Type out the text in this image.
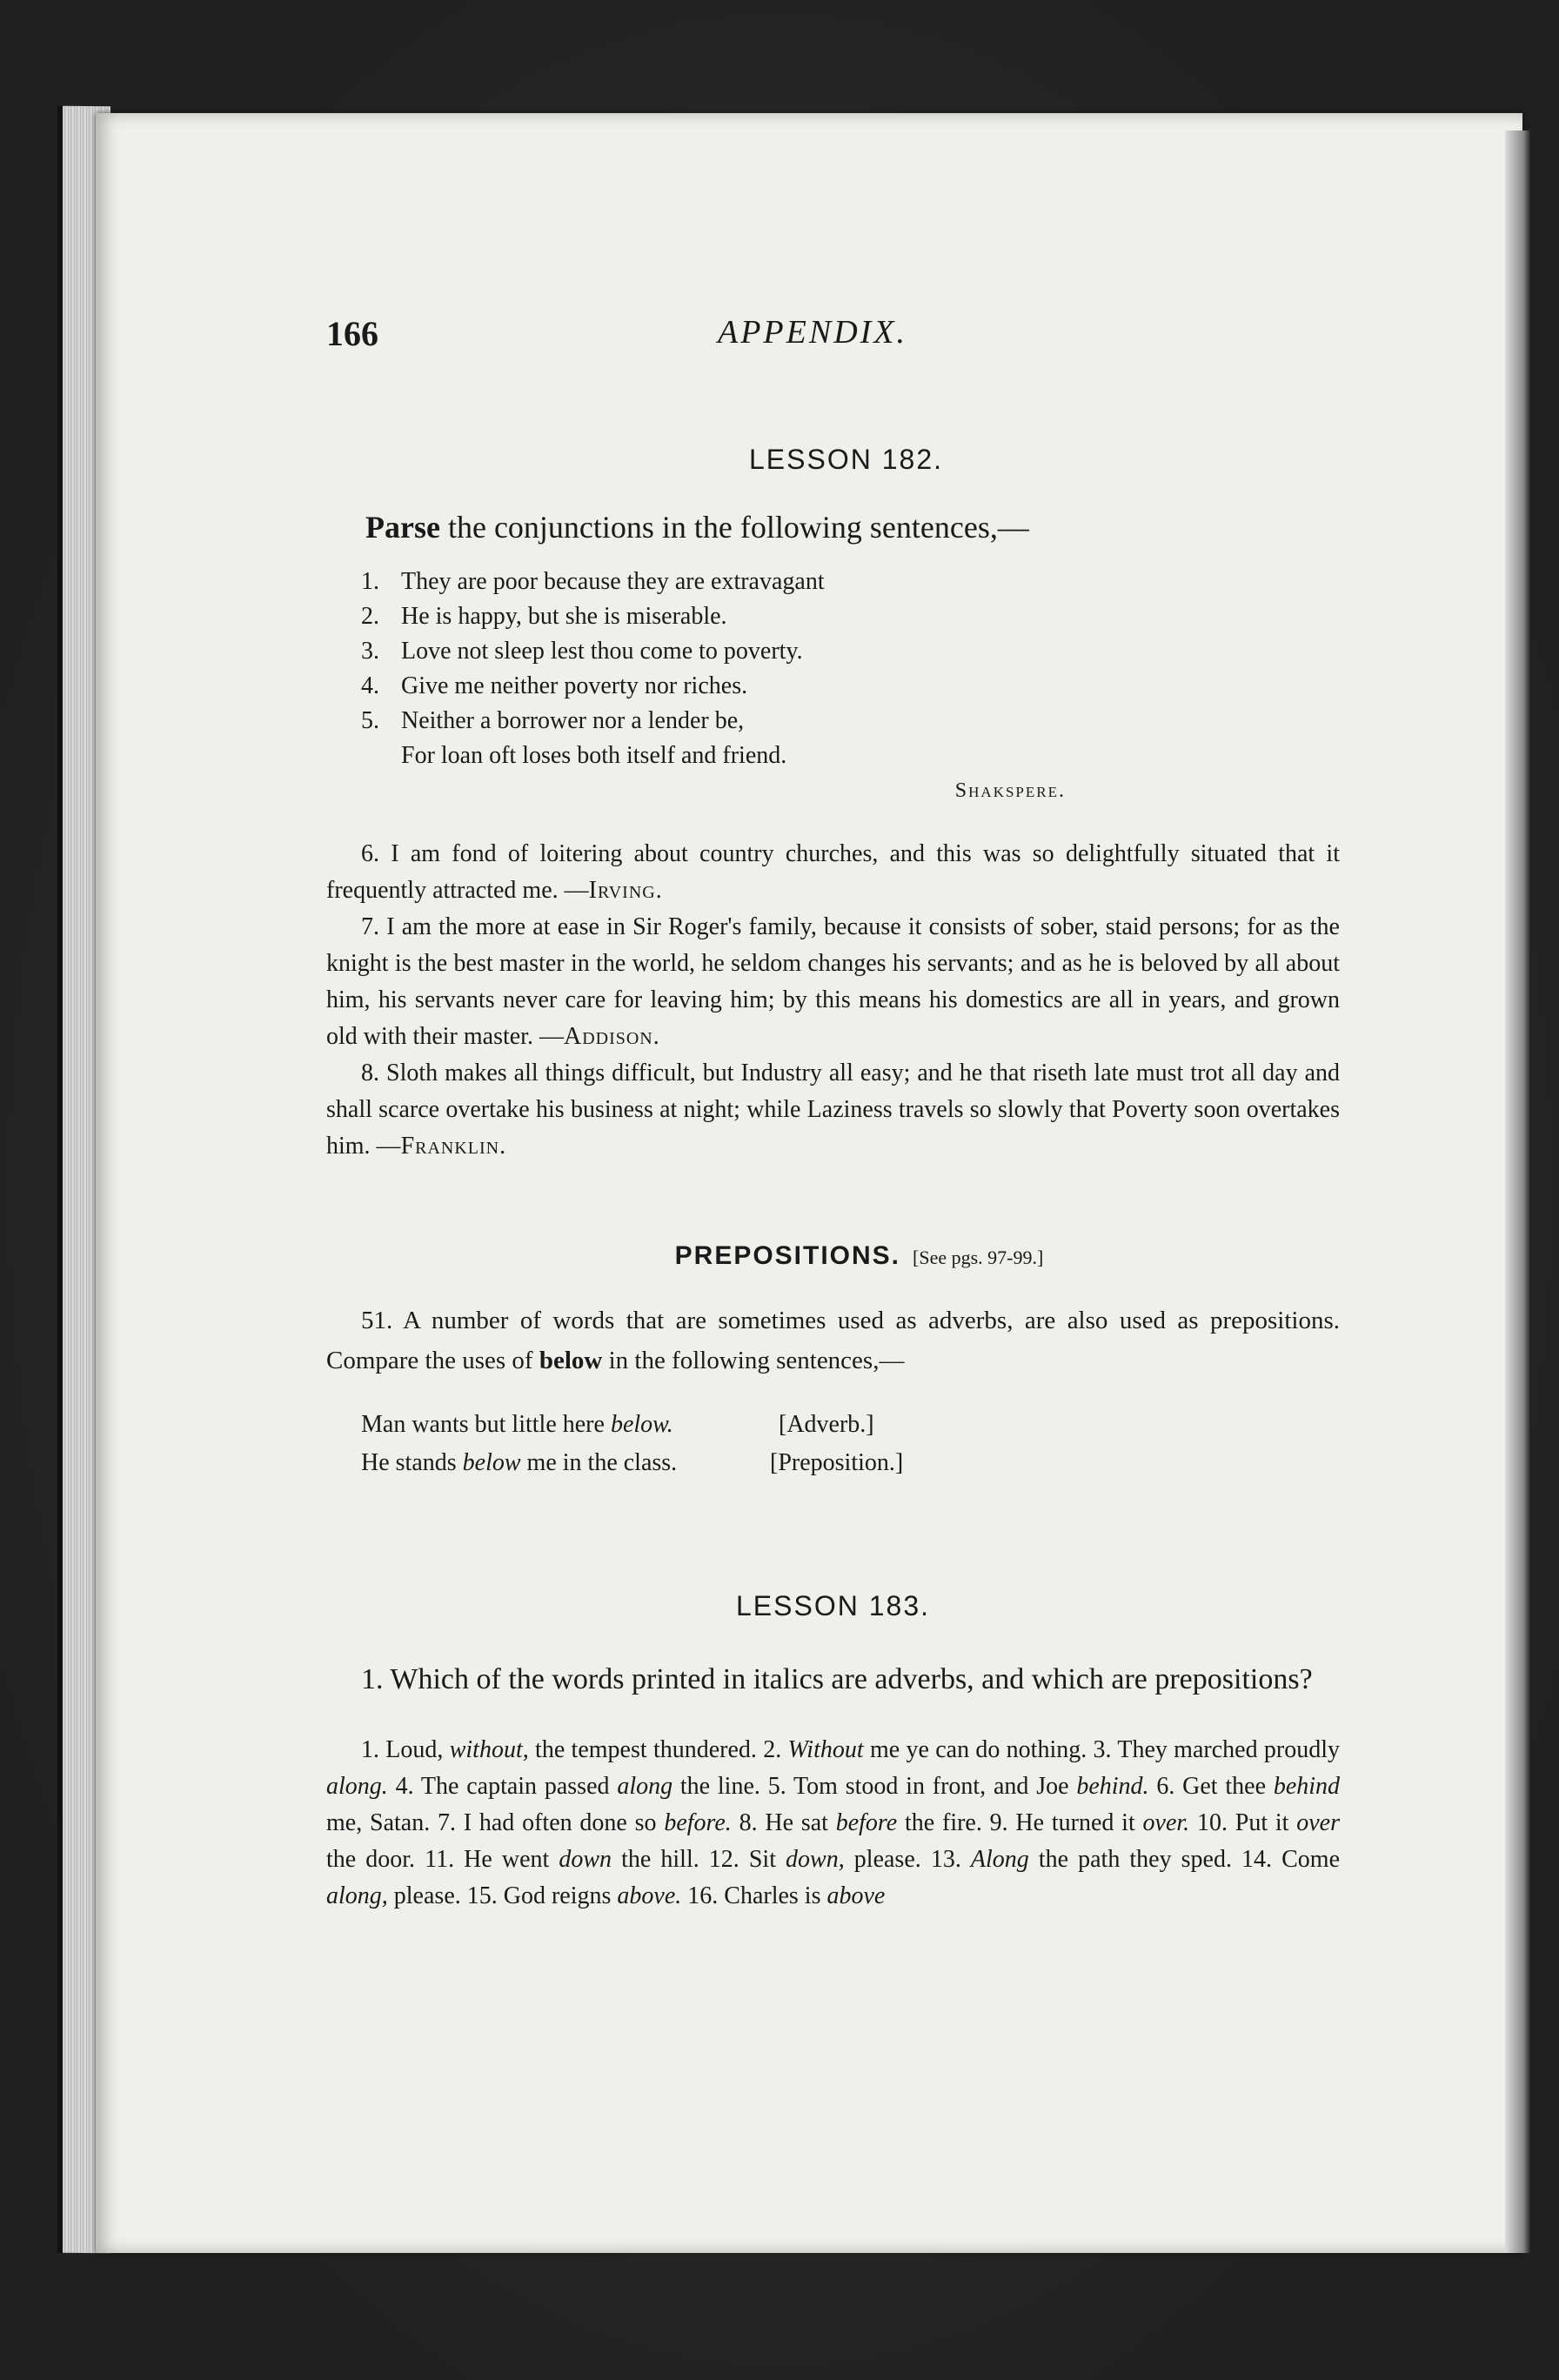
166	APPENDIX.
LESSON 182.
Parse the conjunctions in the following sentences,—
1. They are poor because they are extravagant
2. He is happy, but she is miserable.
3. Love not sleep lest thou come to poverty.
4. Give me neither poverty nor riches.
5. Neither a borrower nor a lender be,
For loan oft loses both itself and friend.
Shakspere.

6. I am fond of loitering about country churches, and this was so delightfully situated that it frequently attracted me. —Irving.

7. I am the more at ease in Sir Roger's family, because it consists of sober, staid persons; for as the knight is the best master in the world, he seldom changes his servants; and as he is beloved by all about him, his servants never care for leaving him; by this means his domestics are all in years, and grown old with their master. —Addison.

8. Sloth makes all things difficult, but Industry all easy; and he that riseth late must trot all day and shall scarce overtake his business at night; while Laziness travels so slowly that Poverty soon overtakes him. —Franklin.

PREPOSITIONS. [See pgs. 97-99.]

51. A number of words that are sometimes used as adverbs, are also used as prepositions. Compare the uses of below in the following sentences,—

Man wants but little here below.	[Adverb.]
He stands below me in the class.	[Preposition.]
LESSON 183.

1. Which of the words printed in italics are adverbs, and which are prepositions?

1. Loud, without, the tempest thundered. 2. Without me ye can do nothing. 3. They marched proudly along. 4. The captain passed along the line. 5. Tom stood in front, and Joe behind. 6. Get thee behind me, Satan. 7. I had often done so before. 8. He sat before the fire. 9. He turned it over. 10. Put it over the door. 11. He went down the hill. 12. Sit down, please. 13. Along the path they sped. 14. Come along, please. 15. God reigns above. 16. Charles is above
